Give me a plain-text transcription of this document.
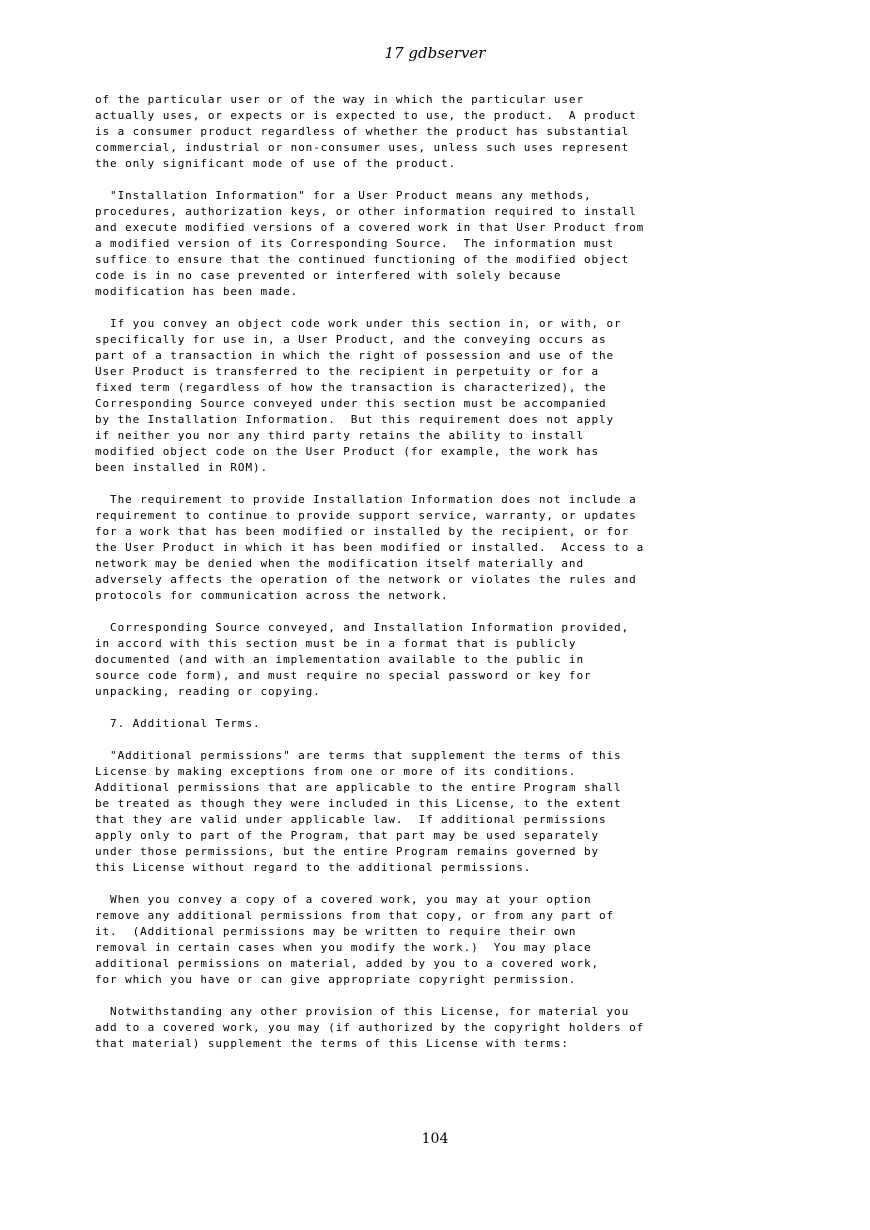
17 gdbserver

of the particular user or of the way in which the particular user
actually uses, or expects or is expected to use, the product.  A product
is a consumer product regardless of whether the product has substantial
commercial, industrial or non-consumer uses, unless such uses represent
the only significant mode of use of the product.

"Installation Information" for a User Product means any methods,
procedures, authorization keys, or other information required to install
and execute modified versions of a covered work in that User Product from
a modified version of its Corresponding Source.  The information must
suffice to ensure that the continued functioning of the modified object
code is in no case prevented or interfered with solely because
modification has been made.

If you convey an object code work under this section in, or with, or
specifically for use in, a User Product, and the conveying occurs as
part of a transaction in which the right of possession and use of the
User Product is transferred to the recipient in perpetuity or for a
fixed term (regardless of how the transaction is characterized), the
Corresponding Source conveyed under this section must be accompanied
by the Installation Information.  But this requirement does not apply
if neither you nor any third party retains the ability to install
modified object code on the User Product (for example, the work has
been installed in ROM).

The requirement to provide Installation Information does not include a
requirement to continue to provide support service, warranty, or updates
for a work that has been modified or installed by the recipient, or for
the User Product in which it has been modified or installed.  Access to a
network may be denied when the modification itself materially and
adversely affects the operation of the network or violates the rules and
protocols for communication across the network.

Corresponding Source conveyed, and Installation Information provided,
in accord with this section must be in a format that is publicly
documented (and with an implementation available to the public in
source code form), and must require no special password or key for
unpacking, reading or copying.

7. Additional Terms.

"Additional permissions" are terms that supplement the terms of this
License by making exceptions from one or more of its conditions.
Additional permissions that are applicable to the entire Program shall
be treated as though they were included in this License, to the extent
that they are valid under applicable law.  If additional permissions
apply only to part of the Program, that part may be used separately
under those permissions, but the entire Program remains governed by
this License without regard to the additional permissions.

When you convey a copy of a covered work, you may at your option
remove any additional permissions from that copy, or from any part of
it.  (Additional permissions may be written to require their own
removal in certain cases when you modify the work.)  You may place
additional permissions on material, added by you to a covered work,
for which you have or can give appropriate copyright permission.

Notwithstanding any other provision of this License, for material you
add to a covered work, you may (if authorized by the copyright holders of
that material) supplement the terms of this License with terms:

104
